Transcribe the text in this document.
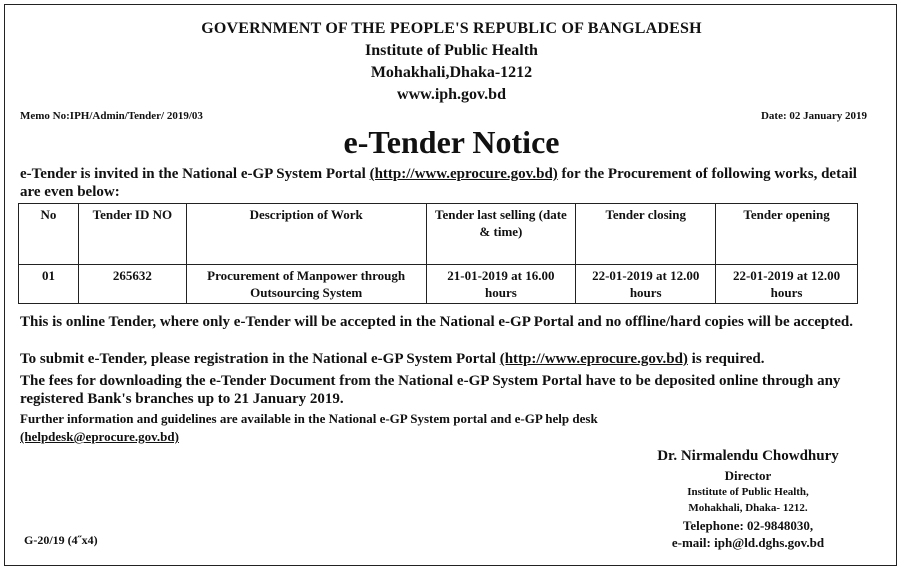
GOVERNMENT OF THE PEOPLE'S REPUBLIC OF BANGLADESH
Institute of Public Health
Mohakhali,Dhaka-1212
www.iph.gov.bd
Memo No:IPH/Admin/Tender/ 2019/03	Date: 02 January 2019
e-Tender Notice
e-Tender is invited in the National e-GP System Portal (http://www.eprocure.gov.bd) for the Procurement of following works, detail are even below:
No	Tender ID NO	Description of Work	Tender last selling (date & time)	Tender closing	Tender opening
01	265632	Procurement of Manpower through Outsourcing System	21-01-2019 at 16.00 hours	22-01-2019 at 12.00 hours	22-01-2019 at 12.00 hours
This is online Tender, where only e-Tender will be accepted in the National e-GP Portal and no offline/hard copies will be accepted.
To submit e-Tender, please registration in the National e-GP System Portal (http://www.eprocure.gov.bd) is required.
The fees for downloading the e-Tender Document from the National e-GP System Portal have to be deposited online through any registered Bank's branches up to 21 January 2019.
Further information and guidelines are available in the National e-GP System portal and e-GP help desk
(helpdesk@eprocure.gov.bd)
Dr. Nirmalendu Chowdhury
Director
Institute of Public Health,
Mohakhali, Dhaka- 1212.
Telephone: 02-9848030,
e-mail: iph@ld.dghs.gov.bd
G-20/19 (4˝x4)
